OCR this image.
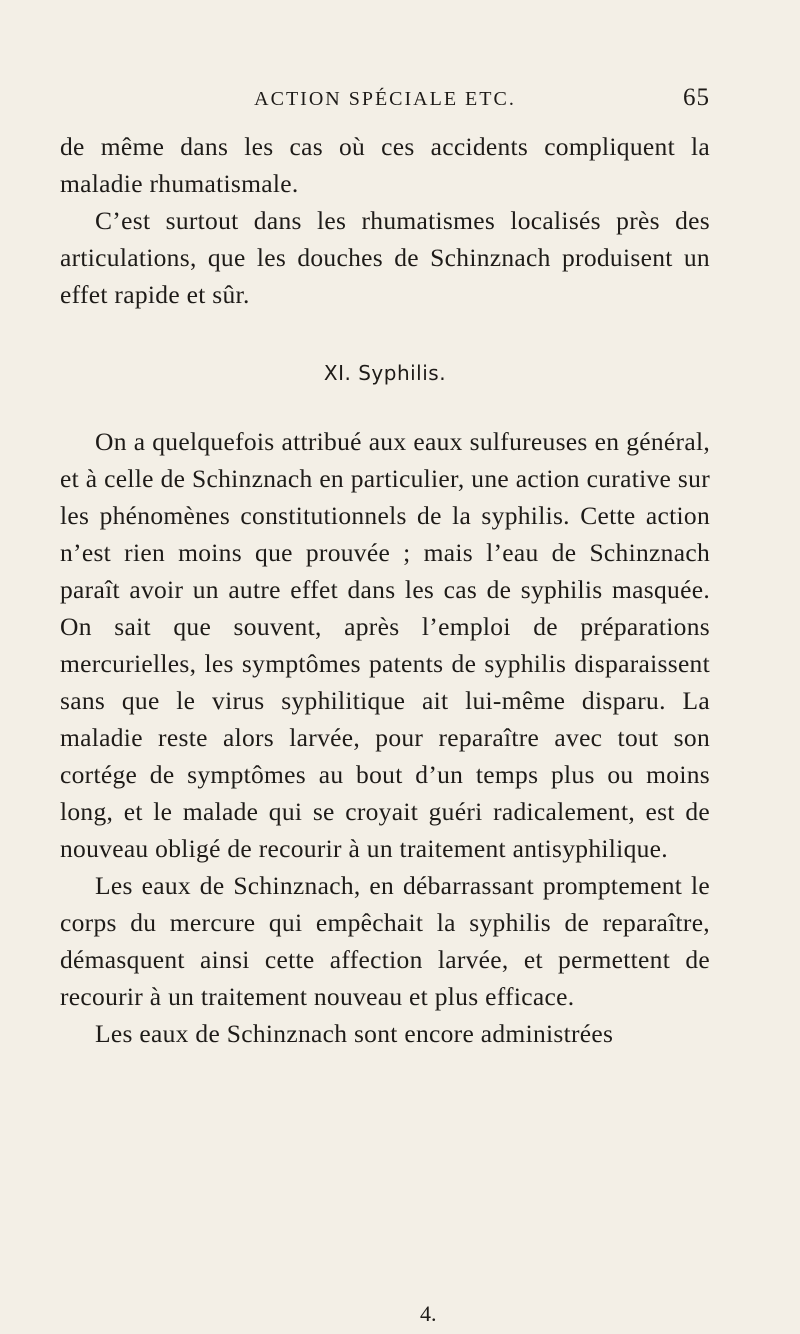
ACTION SPÉCIALE ETC.	65

de même dans les cas où ces accidents compliquent la maladie rhumatismale.

C’est surtout dans les rhumatismes localisés près des articulations, que les douches de Schinznach produisent un effet rapide et sûr.

XI. Syphilis.

On a quelquefois attribué aux eaux sulfureuses en général, et à celle de Schinznach en particulier, une action curative sur les phénomènes constitutionnels de la syphilis. Cette action n’est rien moins que prouvée ; mais l’eau de Schinznach paraît avoir un autre effet dans les cas de syphilis masquée. On sait que souvent, après l’emploi de préparations mercurielles, les symptômes patents de syphilis disparaissent sans que le virus syphilitique ait lui-même disparu. La maladie reste alors larvée, pour reparaître avec tout son cortége de symptômes au bout d’un temps plus ou moins long, et le malade qui se croyait guéri radicalement, est de nouveau obligé de recourir à un traitement antisyphilique.

Les eaux de Schinznach, en débarrassant promptement le corps du mercure qui empêchait la syphilis de reparaître, démasquent ainsi cette affection larvée, et permettent de recourir à un traitement nouveau et plus efficace.

Les eaux de Schinznach sont encore administrées

4.
